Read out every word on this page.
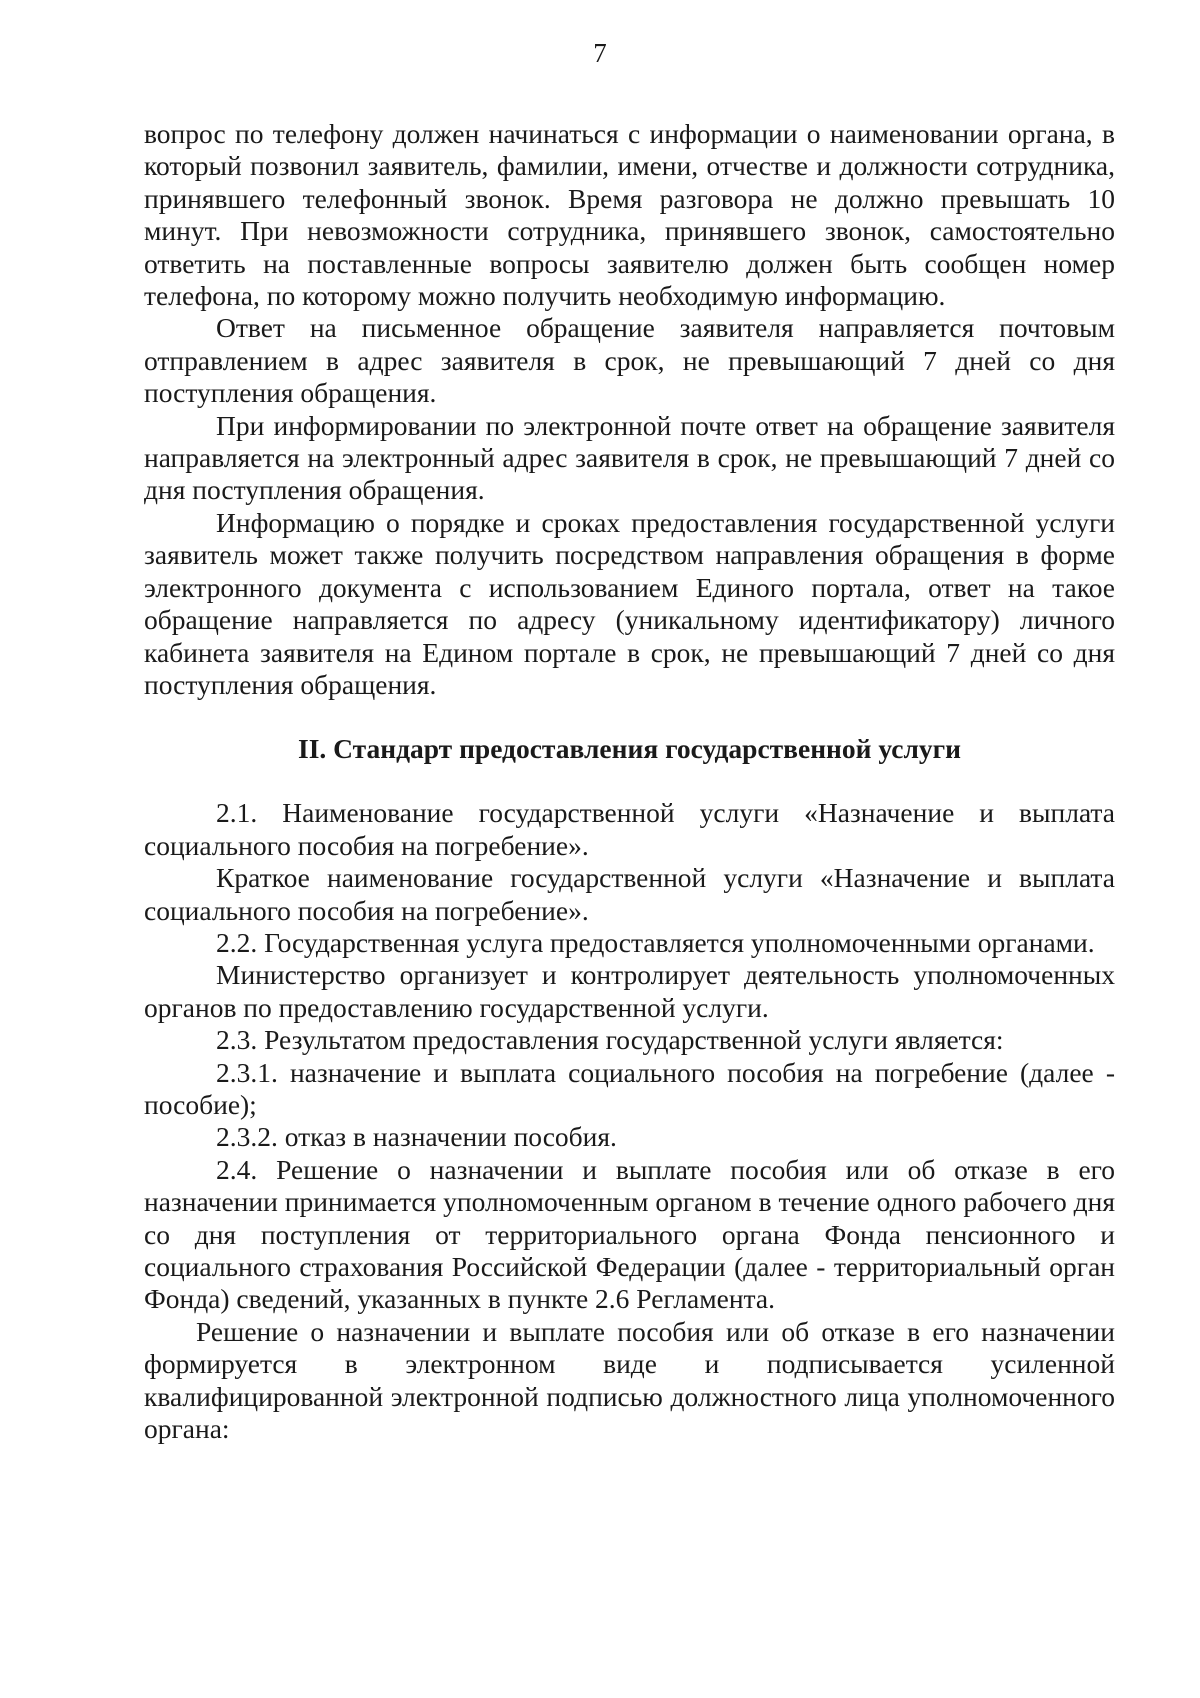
7

вопрос по телефону должен начинаться с информации о наименовании органа, в который позвонил заявитель, фамилии, имени, отчестве и должности сотрудника, принявшего телефонный звонок. Время разговора не должно превышать 10 минут. При невозможности сотрудника, принявшего звонок, самостоятельно ответить на поставленные вопросы заявителю должен быть сообщен номер телефона, по которому можно получить необходимую информацию.

Ответ на письменное обращение заявителя направляется почтовым отправлением в адрес заявителя в срок, не превышающий 7 дней со дня поступления обращения.

При информировании по электронной почте ответ на обращение заявителя направляется на электронный адрес заявителя в срок, не превышающий 7 дней со дня поступления обращения.

Информацию о порядке и сроках предоставления государственной услуги заявитель может также получить посредством направления обращения в форме электронного документа с использованием Единого портала, ответ на такое обращение направляется по адресу (уникальному идентификатору) личного кабинета заявителя на Едином портале в срок, не превышающий 7 дней со дня поступления обращения.

II. Стандарт предоставления государственной услуги

2.1. Наименование государственной услуги «Назначение и выплата социального пособия на погребение».

Краткое наименование государственной услуги «Назначение и выплата социального пособия на погребение».

2.2. Государственная услуга предоставляется уполномоченными органами.

Министерство организует и контролирует деятельность уполномоченных органов по предоставлению государственной услуги.

2.3. Результатом предоставления государственной услуги является:

2.3.1. назначение и выплата социального пособия на погребение (далее - пособие);

2.3.2. отказ в назначении пособия.

2.4. Решение о назначении и выплате пособия или об отказе в его назначении принимается уполномоченным органом в течение одного рабочего дня со дня поступления от территориального органа Фонда пенсионного и социального страхования Российской Федерации (далее - территориальный орган Фонда) сведений, указанных в пункте 2.6 Регламента.

Решение о назначении и выплате пособия или об отказе в его назначении формируется в электронном виде и подписывается усиленной квалифицированной электронной подписью должностного лица уполномоченного органа:
